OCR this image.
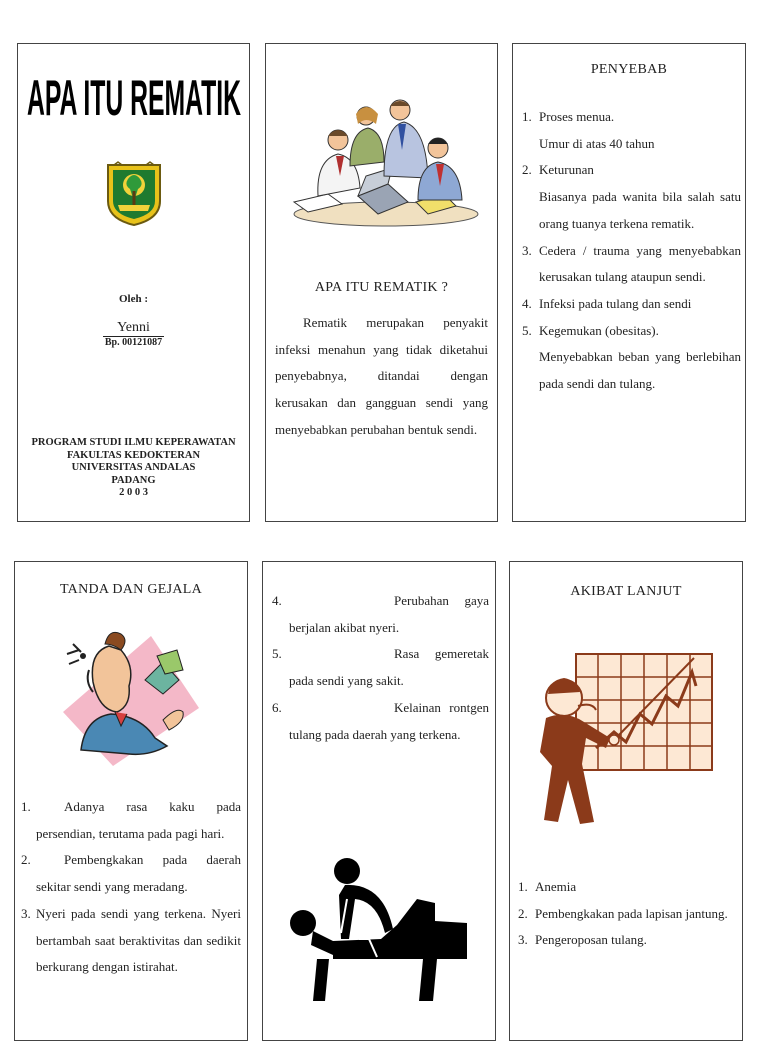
APA ITU REMATIK
Oleh :
Yenni
Bp. 00121087
PROGRAM STUDI ILMU KEPERAWATAN
FAKULTAS KEDOKTERAN
UNIVERSITAS ANDALAS
PADANG
2 0 0 3
APA ITU REMATIK ?

Rematik merupakan penyakit infeksi menahun yang tidak diketahui penyebabnya, ditandai dengan kerusakan dan gangguan sendi yang menyebabkan perubahan bentuk sendi.

PENYEBAB
1. Proses menua.
Umur di atas 40 tahun
2. Keturunan
Biasanya pada wanita bila salah satu orang tuanya terkena rematik.
3. Cedera / trauma yang menyebabkan kerusakan tulang ataupun sendi.
4. Infeksi pada tulang dan sendi
5. Kegemukan (obesitas).
Menyebabkan beban yang berlebihan pada sendi dan tulang.
TANDA DAN GEJALA
1.	Adanya rasa kaku pada persendian, terutama pada pagi hari.
2.	Pembengkakan pada daerah sekitar sendi yang meradang.
3. Nyeri pada sendi yang terkena. Nyeri bertambah saat beraktivitas dan sedikit berkurang dengan istirahat.
4.	Perubahan gaya berjalan akibat nyeri.
5.	Rasa gemeretak pada sendi yang sakit.
6.	Kelainan rontgen tulang pada daerah yang terkena.
AKIBAT LANJUT
1. Anemia
2. Pembengkakan pada lapisan jantung.
3. Pengeroposan tulang.
